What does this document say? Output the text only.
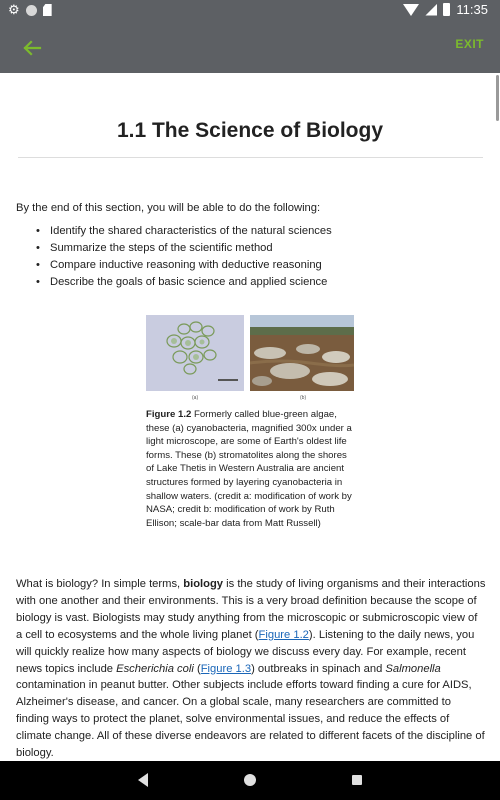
⚙	11:35
EXIT
1.1 The Science of Biology

By the end of this section, you will be able to do the following:

• Identify the shared characteristics of the natural sciences
• Summarize the steps of the scientific method
• Compare inductive reasoning with deductive reasoning
• Describe the goals of basic science and applied science
(a)	(b)

Figure 1.2 Formerly called blue-green algae, these (a) cyanobacteria, magnified 300x under a light microscope, are some of Earth's oldest life forms. These (b) stromatolites along the shores of Lake Thetis in Western Australia are ancient structures formed by layering cyanobacteria in shallow waters. (credit a: modification of work by NASA; credit b: modification of work by Ruth Ellison; scale-bar data from Matt Russell)

What is biology? In simple terms, biology is the study of living organisms and their interactions with one another and their environments. This is a very broad definition because the scope of biology is vast. Biologists may study anything from the microscopic or submicroscopic view of a cell to ecosystems and the whole living planet (Figure 1.2). Listening to the daily news, you will quickly realize how many aspects of biology we discuss every day. For example, recent news topics include Escherichia coli (Figure 1.3) outbreaks in spinach and Salmonella contamination in peanut butter. Other subjects include efforts toward finding a cure for AIDS, Alzheimer's disease, and cancer. On a global scale, many researchers are committed to finding ways to protect the planet, solve environmental issues, and reduce the effects of climate change. All of these diverse endeavors are related to different facets of the discipline of biology.
